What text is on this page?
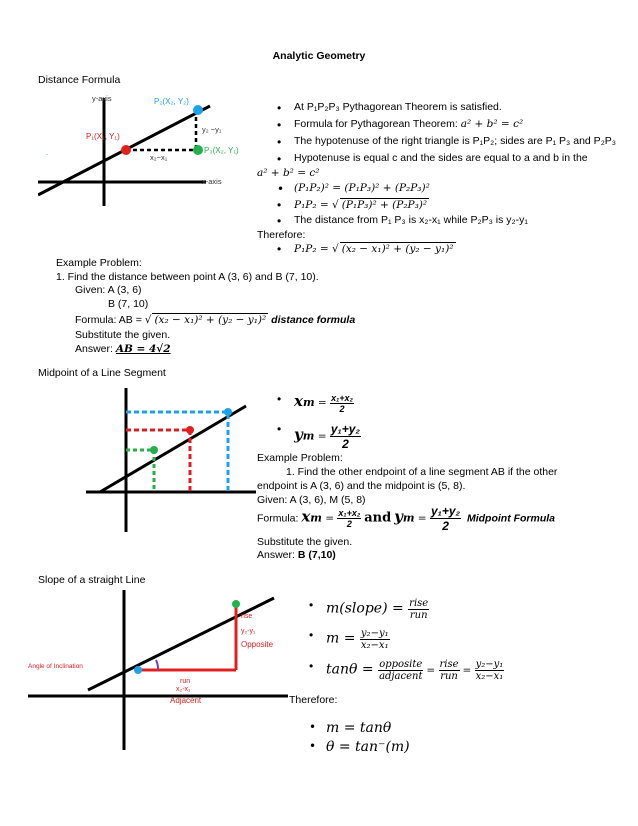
Analytic Geometry
Distance Formula
y-axis
x-axis
P₂(X₂, Y₂)
P₁(X₁, Y₁)
P₃(X₂, Y₁)
y₂ −y₁
x₂−x₁
.
• At P₁P₂P₃ Pythagorean Theorem is satisfied.
• Formula for Pythagorean Theorem: a² + b² = c²
• The hypotenuse of the right triangle is P₁P₂; sides are P₁ P₃ and P₂P₃
• Hypotenuse is equal c and the sides are equal to a and b in the
a² + b² = c²
• (P₁P₂)² = (P₁P₃)² + (P₂P₃)²
• P₁P₂ = √ (P₁P₃)² + (P₂P₃)²
• The distance from P₁ P₃ is x₂-x₁ while P₂P₃ is y₂-y₁
Therefore:
• P₁P₂ = √ (x₂ − x₁)² + (y₂ − y₁)²
Example Problem:
1. Find the distance between point A (3, 6) and B (7, 10).
Given: A (3, 6)
B (7, 10)
Formula: AB = √ (x₂ − x₁)² + (y₂ − y₁)² distance formula
Substitute the given.
Answer: AB = 4√2
Midpoint of a Line Segment
• xm = $\frac{\text{x₁+x₂}}{2}$
• ym = $\frac{\text{y₁+y₂}}{2}$
Example Problem:
1. Find the other endpoint of a line segment AB if the other
endpoint is A (3, 6) and the midpoint is (5, 8).
Given: A (3, 6), M (5, 8)
Formula: xm = $\frac{\text{x₁+x₂}}{2}$ and ym = $\frac{\text{y₁+y₂}}{2}$ Midpoint Formula
Substitute the given.
Answer: B (7,10)
Slope of a straight Line
rise
y₂-y₁
Opposite
Angle of Inclination
run
x₂-x₁
Adjacent
• m(slope) = $\frac{\text{rise}}{\text{run}}$
• $m = \frac{\text{y₂−y₁}}{\text{x₂−x₁}}$
• $\tan\theta = \frac{\text{opposite}}{\text{adjacent}} = \frac{\text{rise}}{\text{run}} = \frac{\text{y₂−y₁}}{\text{x₂−x₁}}$
Therefore:
• m = tanθ
• θ = tan⁻(m)
